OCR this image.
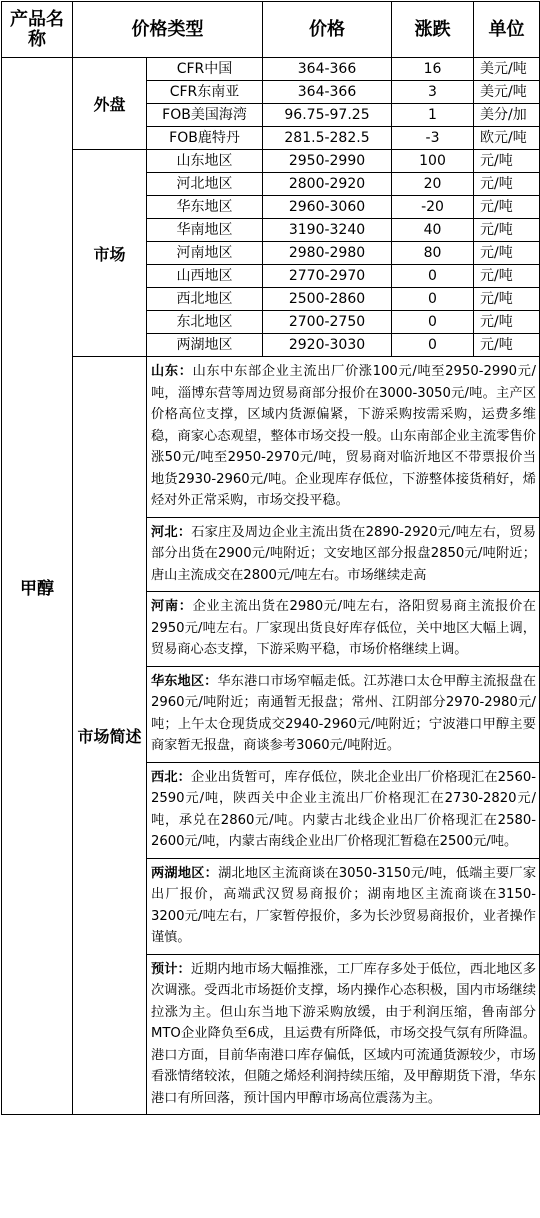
产品名称	价格类型	价格	涨跌	单位
甲醇	外盘	CFR中国	364-366	16	美元/吨
CFR东南亚	364-366	3	美元/吨
FOB美国海湾	96.75-97.25	1	美分/加
FOB鹿特丹	281.5-282.5	-3	欧元/吨
市场	山东地区	2950-2990	100	元/吨
河北地区	2800-2920	20	元/吨
华东地区	2960-3060	-20	元/吨
华南地区	3190-3240	40	元/吨
河南地区	2980-2980	80	元/吨
山西地区	2770-2970	0	元/吨
西北地区	2500-2860	0	元/吨
东北地区	2700-2750	0	元/吨
两湖地区	2920-3030	0	元/吨
市场简述	
山东：山东中东部企业主流出厂价涨100元/吨至2950-2990元/吨，淄博东营等周边贸易商部分报价在3000-3050元/吨。主产区价格高位支撑，区域内货源偏紧，下游采购按需采购，运费多维稳，商家心态观望，整体市场交投一般。山东南部企业主流零售价涨50元/吨至2950-2970元/吨，贸易商对临沂地区不带票报价当地货2930-2960元/吨。企业现库存低位，下游整体接货稍好，烯烃对外正常采购，市场交投平稳。
河北：石家庄及周边企业主流出货在2890-2920元/吨左右，贸易部分出货在2900元/吨附近；文安地区部分报盘2850元/吨附近；唐山主流成交在2800元/吨左右。市场继续走高
河南：企业主流出货在2980元/吨左右，洛阳贸易商主流报价在2950元/吨左右。厂家现出货良好库存低位，关中地区大幅上调，贸易商心态支撑，下游采购平稳，市场价格继续上调。
华东地区：华东港口市场窄幅走低。江苏港口太仓甲醇主流报盘在2960元/吨附近；南通暂无报盘；常州、江阴部分2970-2980元/吨；上午太仓现货成交2940-2960元/吨附近；宁波港口甲醇主要商家暂无报盘，商谈参考3060元/吨附近。
西北：企业出货暂可，库存低位，陕北企业出厂价格现汇在2560-2590元/吨，陕西关中企业主流出厂价格现汇在2730-2820元/吨，承兑在2860元/吨。内蒙古北线企业出厂价格现汇在2580-2600元/吨，内蒙古南线企业出厂价格现汇暂稳在2500元/吨。
两湖地区：湖北地区主流商谈在3050-3150元/吨，低端主要厂家出厂报价，高端武汉贸易商报价；湖南地区主流商谈在3150-3200元/吨左右，厂家暂停报价，多为长沙贸易商报价，业者操作谨慎。
预计：近期内地市场大幅推涨，工厂库存多处于低位，西北地区多次调涨。受西北市场挺价支撑，场内操作心态积极，国内市场继续拉涨为主。但山东当地下游采购放缓，由于利润压缩，鲁南部分MTO企业降负至6成，且运费有所降低，市场交投气氛有所降温。港口方面，目前华南港口库存偏低，区域内可流通货源较少，市场看涨情绪较浓，但随之烯烃利润持续压缩，及甲醇期货下滑，华东港口有所回落，预计国内甲醇市场高位震荡为主。
